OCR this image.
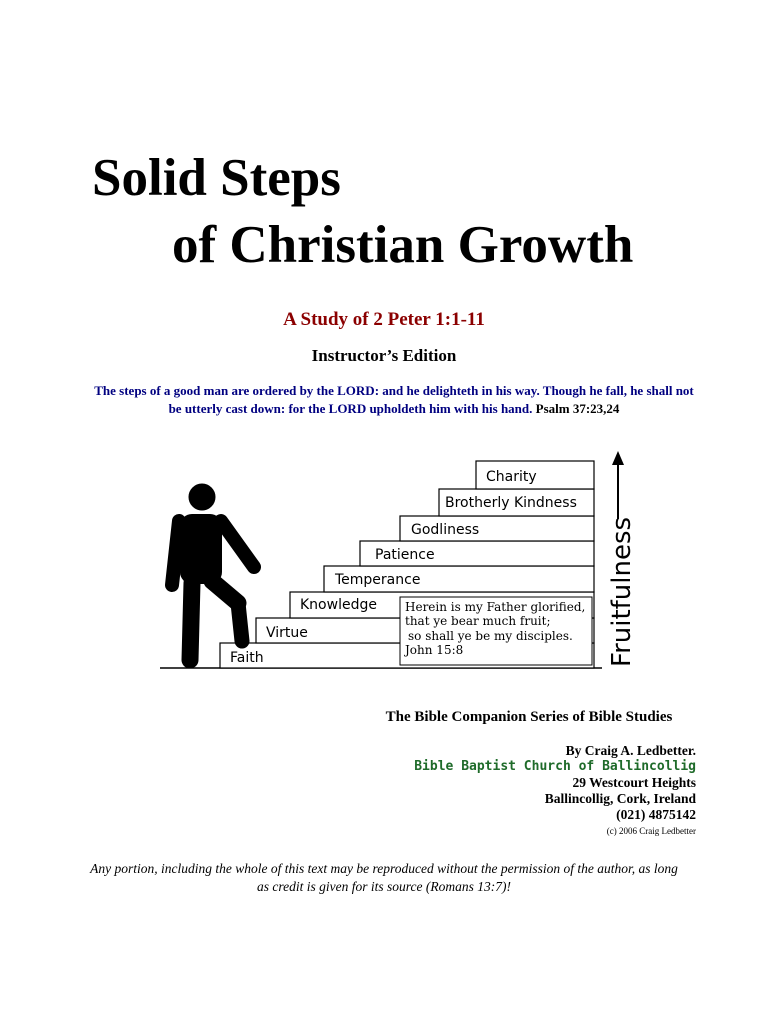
Solid Steps
of Christian Growth
A Study of 2 Peter 1:1-11
Instructor’s Edition
The steps of a good man are ordered by the LORD: and he delighteth in his way. Though he fall, he shall not be utterly cast down: for the LORD upholdeth him with his hand. Psalm 37:23,24
Faith
Virtue
Knowledge
Temperance
Patience
Godliness
Brotherly Kindness
Charity
Herein is my Father glorified,
that ye bear much fruit;
so shall ye be my disciples.
John 15:8	Fruitfulness
The Bible Companion Series of Bible Studies
By Craig A. Ledbetter.
Bible Baptist Church of Ballincollig
29 Westcourt Heights
Ballincollig, Cork, Ireland
(021) 4875142
(c) 2006 Craig Ledbetter
Any portion, including the whole of this text may be reproduced without the permission of the author, as long as credit is given for its source (Romans 13:7)!
